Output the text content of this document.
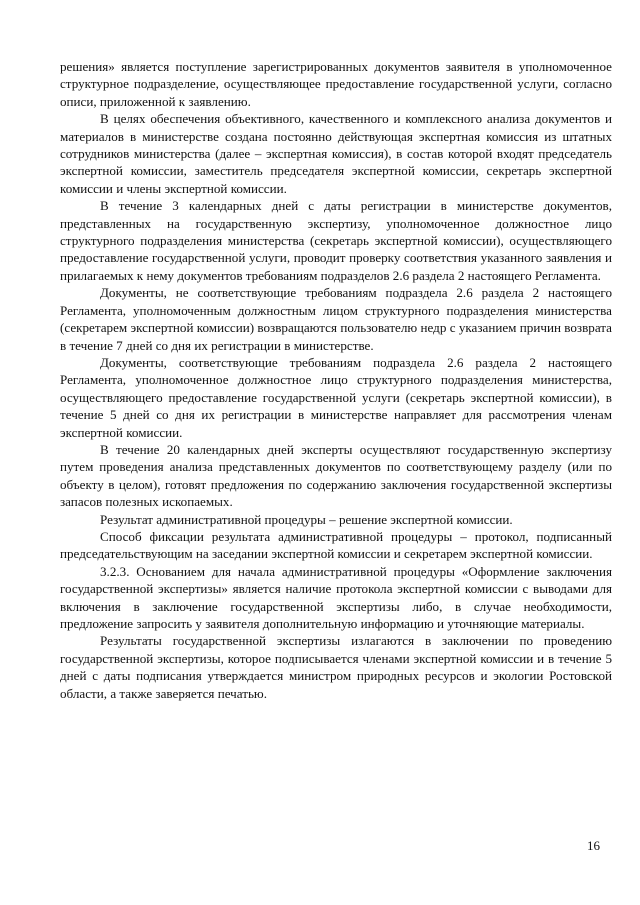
решения» является поступление зарегистрированных документов заявителя в уполномоченное структурное подразделение, осуществляющее предоставление государственной услуги, согласно описи, приложенной к заявлению.

В целях обеспечения объективного, качественного и комплексного анализа документов и материалов в министерстве создана постоянно действующая экспертная комиссия из штатных сотрудников министерства (далее – экспертная комиссия), в состав которой входят председатель экспертной комиссии, заместитель председателя экспертной комиссии, секретарь экспертной комиссии и члены экспертной комиссии.

В течение 3 календарных дней с даты регистрации в министерстве документов, представленных на государственную экспертизу, уполномоченное должностное лицо структурного подразделения министерства (секретарь экспертной комиссии), осуществляющего предоставление государственной услуги, проводит проверку соответствия указанного заявления и прилагаемых к нему документов требованиям подразделов 2.6 раздела 2 настоящего Регламента.

Документы, не соответствующие требованиям подраздела 2.6 раздела 2 настоящего Регламента, уполномоченным должностным лицом структурного подразделения министерства (секретарем экспертной комиссии) возвращаются пользователю недр с указанием причин возврата в течение 7 дней со дня их регистрации в министерстве.

Документы, соответствующие требованиям подраздела 2.6 раздела 2 настоящего Регламента, уполномоченное должностное лицо структурного подразделения министерства, осуществляющего предоставление государственной услуги (секретарь экспертной комиссии), в течение 5 дней со дня их регистрации в министерстве направляет для рассмотрения членам экспертной комиссии.

В течение 20 календарных дней эксперты осуществляют государственную экспертизу путем проведения анализа представленных документов по соответствующему разделу (или по объекту в целом), готовят предложения по содержанию заключения государственной экспертизы запасов полезных ископаемых.

Результат административной процедуры – решение экспертной комиссии.

Способ фиксации результата административной процедуры – протокол, подписанный председательствующим на заседании экспертной комиссии и секретарем экспертной комиссии.

3.2.3. Основанием для начала административной процедуры «Оформление заключения государственной экспертизы» является наличие протокола экспертной комиссии с выводами для включения в заключение государственной экспертизы либо, в случае необходимости, предложение запросить у заявителя дополнительную информацию и уточняющие материалы.

Результаты государственной экспертизы излагаются в заключении по проведению государственной экспертизы, которое подписывается членами экспертной комиссии и в течение 5 дней с даты подписания утверждается министром природных ресурсов и экологии Ростовской области, а также заверяется печатью.

16
